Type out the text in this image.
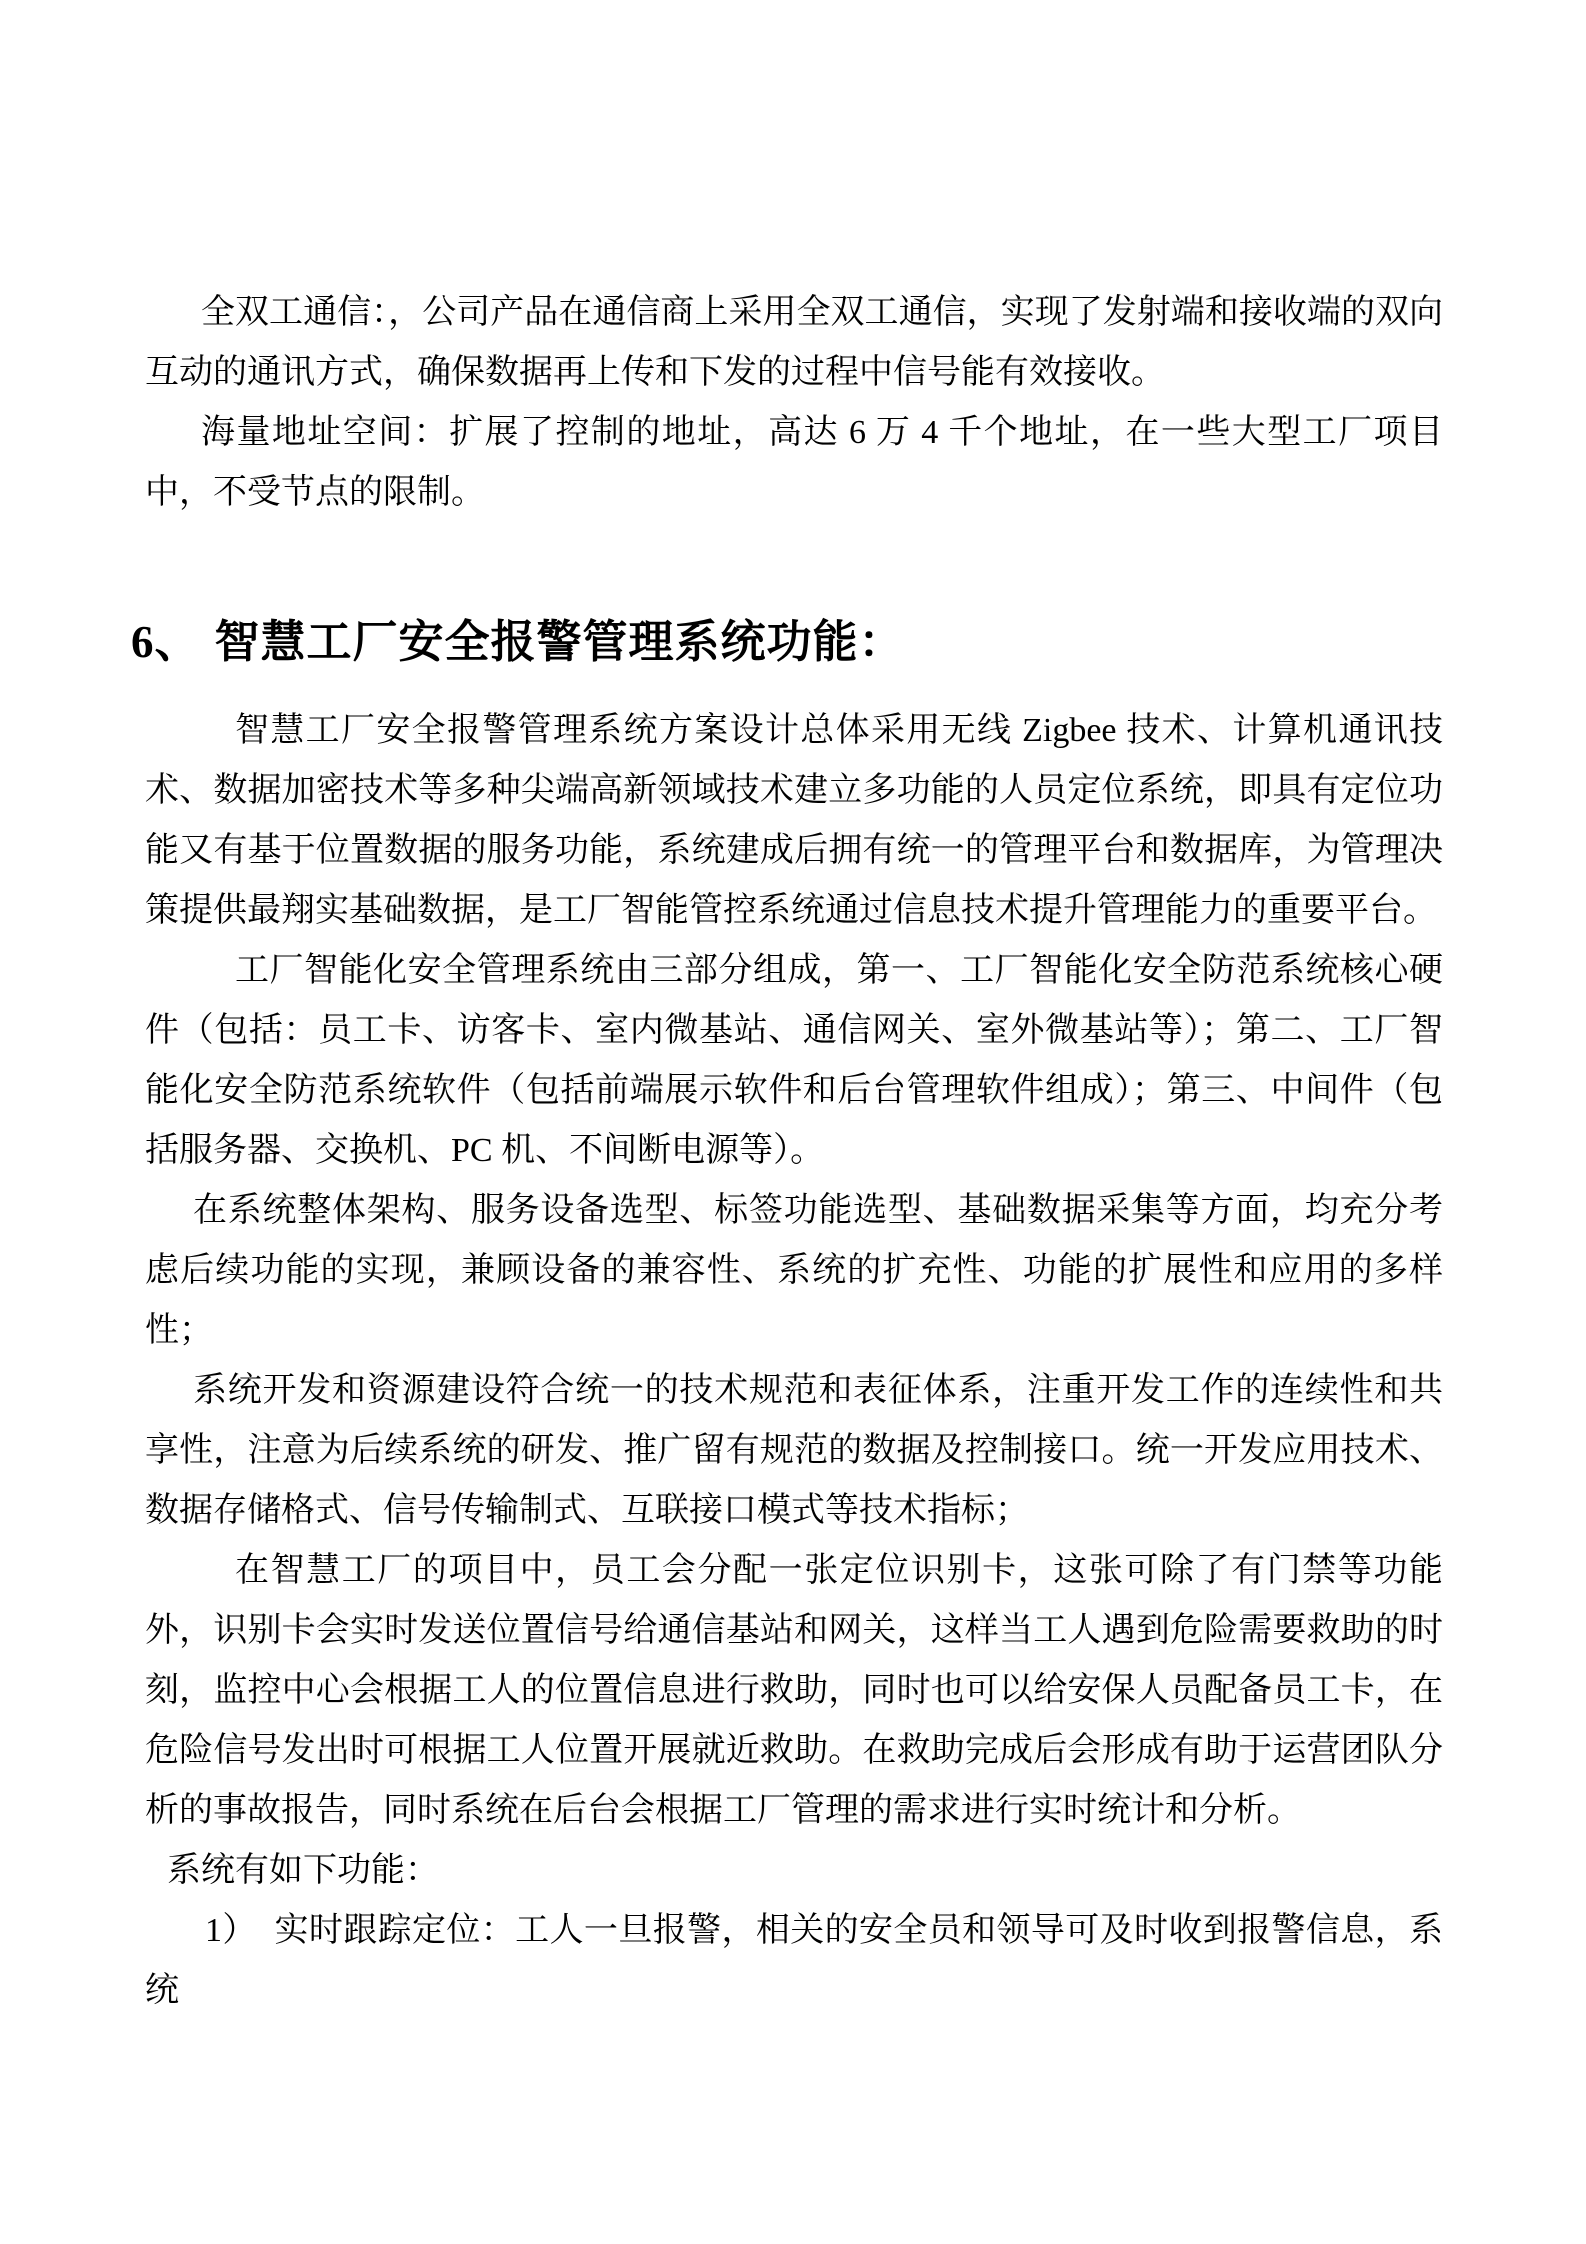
全双工通信：，公司产品在通信商上采用全双工通信，实现了发射端和接收端的双向互动的通讯方式，确保数据再上传和下发的过程中信号能有效接收。

海量地址空间：扩展了控制的地址，高达 6 万 4 千个地址，在一些大型工厂项目中，不受节点的限制。

6、 智慧工厂安全报警管理系统功能：

智慧工厂安全报警管理系统方案设计总体采用无线 Zigbee 技术、计算机通讯技术、数据加密技术等多种尖端高新领域技术建立多功能的人员定位系统，即具有定位功能又有基于位置数据的服务功能，系统建成后拥有统一的管理平台和数据库，为管理决策提供最翔实基础数据，是工厂智能管控系统通过信息技术提升管理能力的重要平台。

工厂智能化安全管理系统由三部分组成，第一、工厂智能化安全防范系统核心硬件（包括：员工卡、访客卡、室内微基站、通信网关、室外微基站等）；第二、工厂智能化安全防范系统软件（包括前端展示软件和后台管理软件组成）；第三、中间件（包括服务器、交换机、PC 机、不间断电源等）。

在系统整体架构、服务设备选型、标签功能选型、基础数据采集等方面，均充分考虑后续功能的实现，兼顾设备的兼容性、系统的扩充性、功能的扩展性和应用的多样性；

系统开发和资源建设符合统一的技术规范和表征体系，注重开发工作的连续性和共享性，注意为后续系统的研发、推广留有规范的数据及控制接口。统一开发应用技术、数据存储格式、信号传输制式、互联接口模式等技术指标；

在智慧工厂的项目中，员工会分配一张定位识别卡，这张可除了有门禁等功能外，识别卡会实时发送位置信号给通信基站和网关，这样当工人遇到危险需要救助的时刻，监控中心会根据工人的位置信息进行救助，同时也可以给安保人员配备员工卡，在危险信号发出时可根据工人位置开展就近救助。在救助完成后会形成有助于运营团队分析的事故报告，同时系统在后台会根据工厂管理的需求进行实时统计和分析。

系统有如下功能：

1） 实时跟踪定位：工人一旦报警，相关的安全员和领导可及时收到报警信息，系统
